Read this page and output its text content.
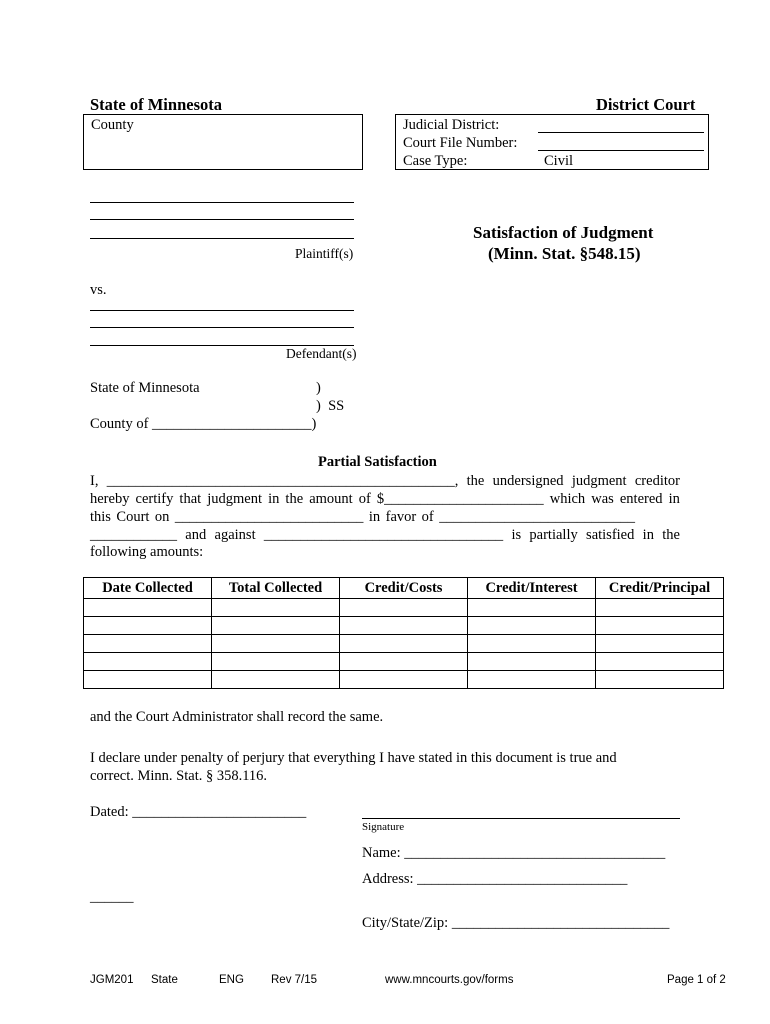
State of Minnesota	District Court
County	Judicial District:
Court File Number:
Case Type:	Civil
Plaintiff(s)
Satisfaction of Judgment
(Minn. Stat. §548.15)
vs.
Defendant(s)
State of Minnesota	)
)  SS
County of ______________________)
Partial Satisfaction
I, ________________________________________________, the undersigned judgment creditor
hereby certify that judgment in the amount of $______________________ which was entered in
this Court on __________________________ in favor of ___________________________
____________ and against _________________________________ is partially satisfied in the
following amounts:
Date Collected	Total Collected	Credit/Costs	Credit/Interest	Credit/Principal

and the Court Administrator shall record the same.
I declare under penalty of perjury that everything I have stated in this document is true and
correct. Minn. Stat. § 358.116.
Dated: ________________________
Signature
Name: ____________________________________
Address: _____________________________
______
City/State/Zip: ______________________________
JGM201 State	ENG Rev 7/15	www.mncourts.gov/forms	Page 1 of 2
